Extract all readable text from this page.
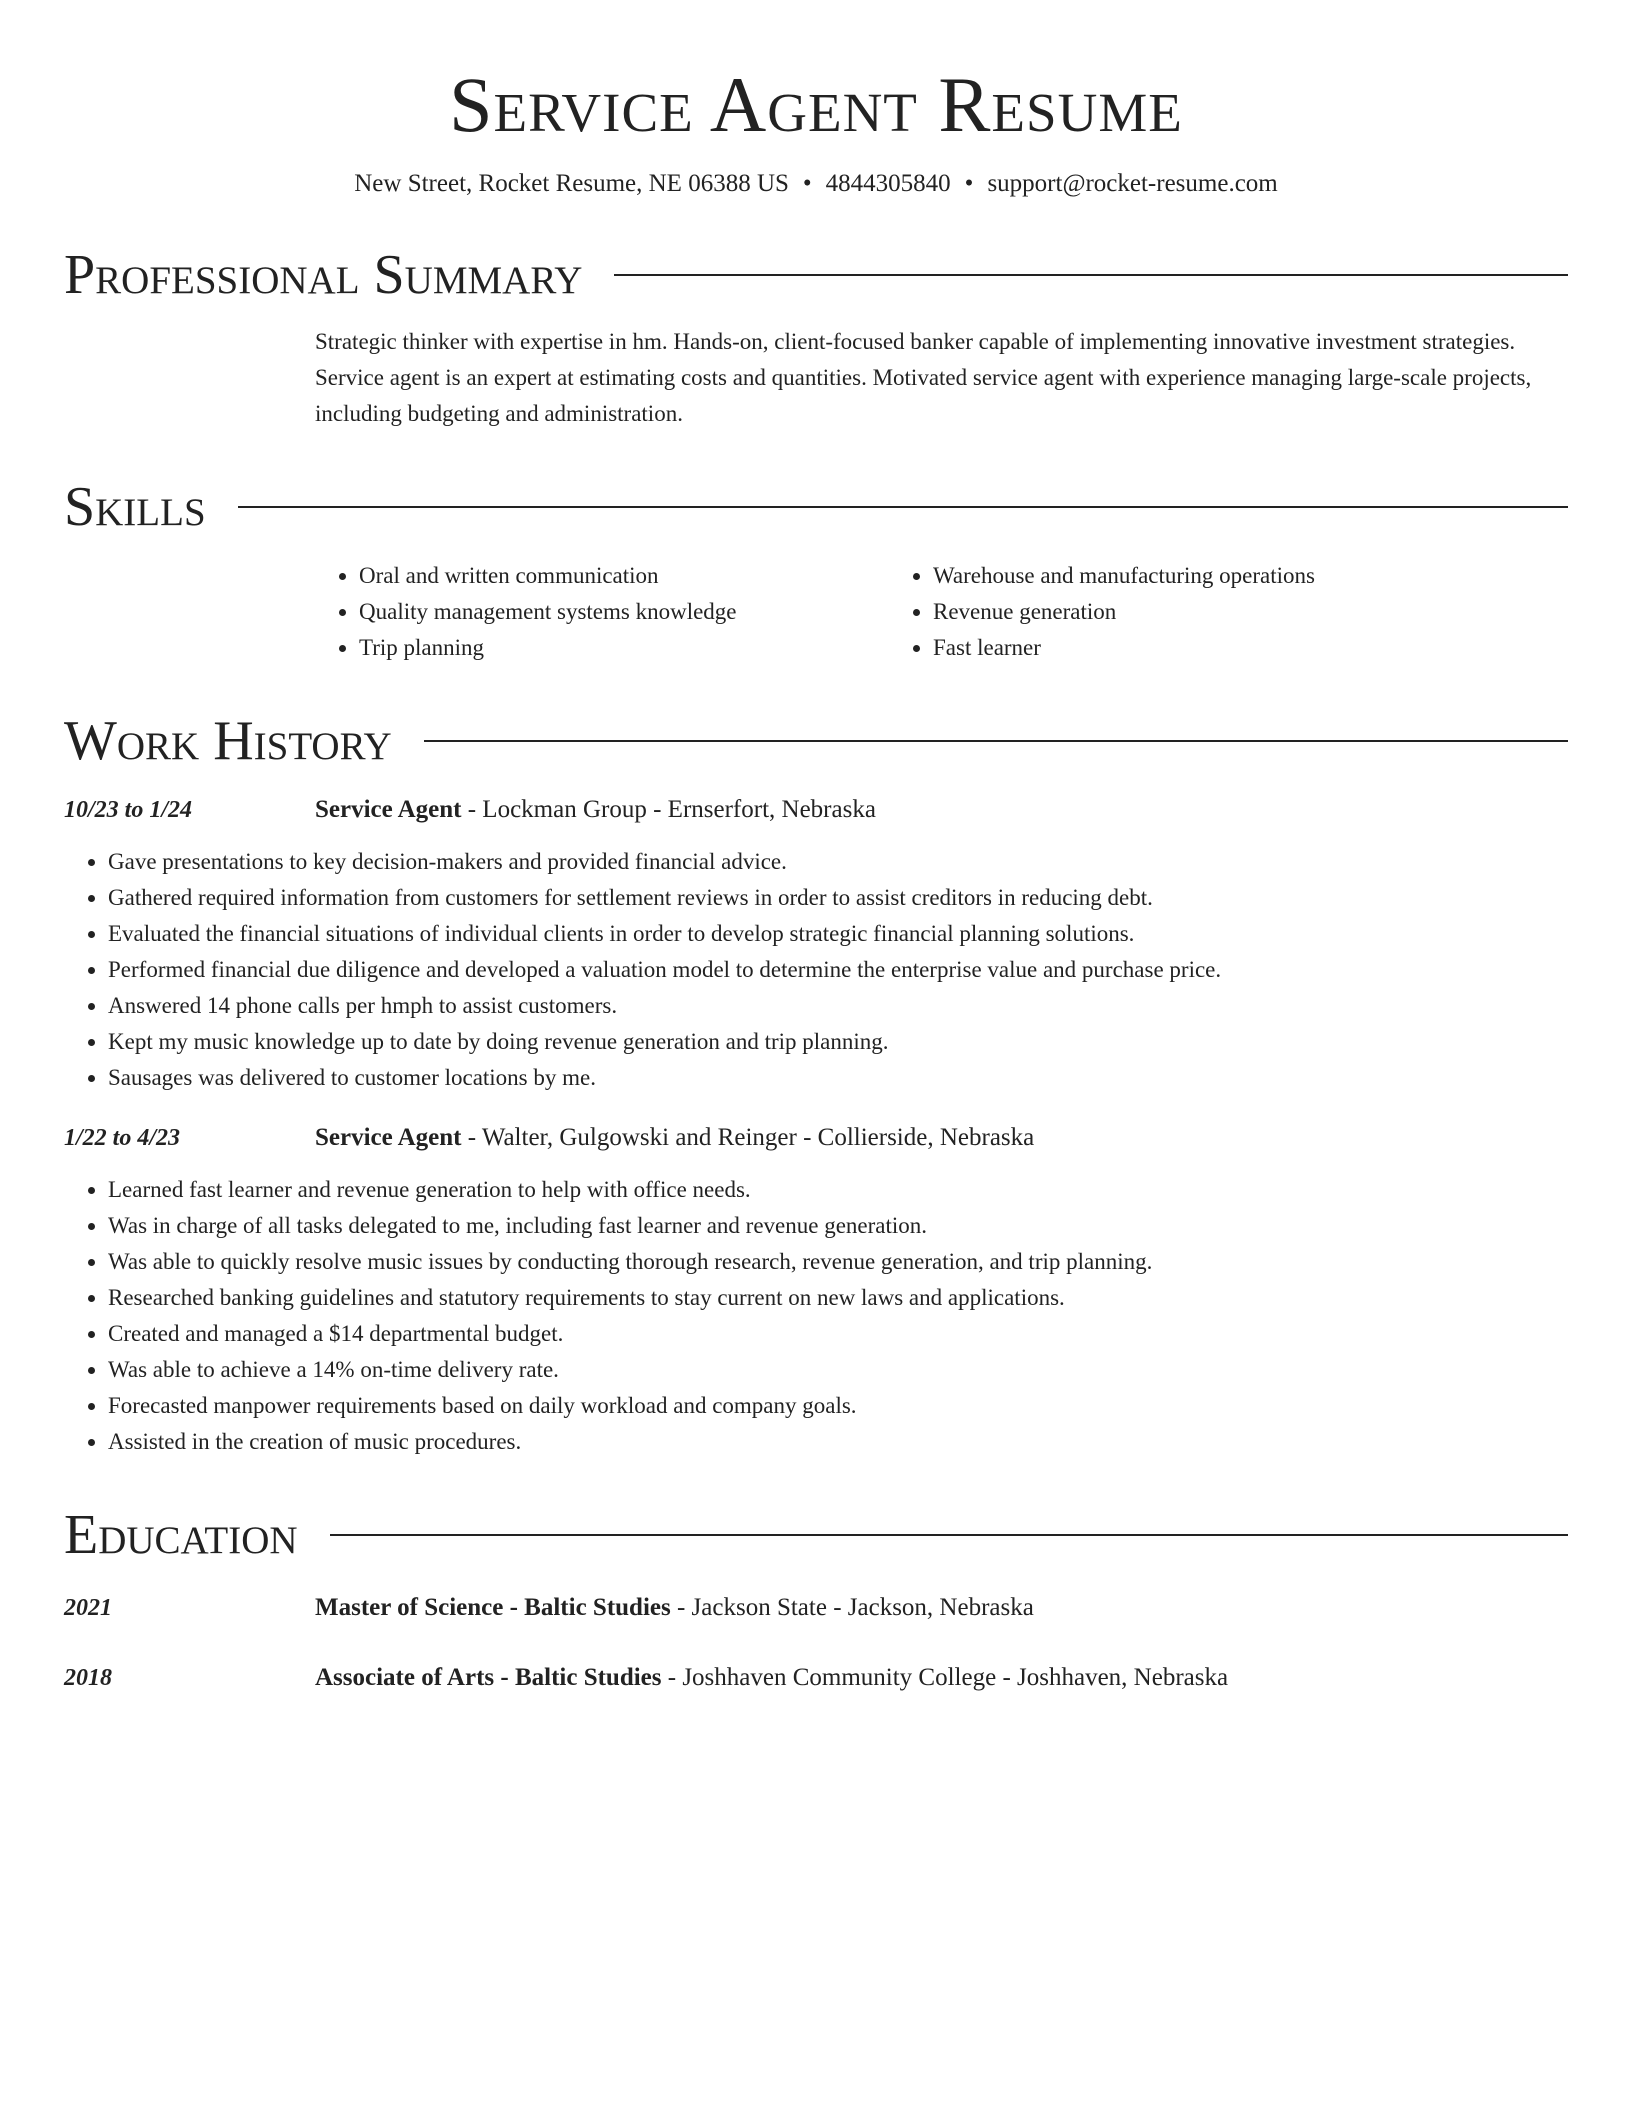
Service Agent Resume
New Street, Rocket Resume, NE 06388 US • 4844305840 • support@rocket-resume.com
Professional Summary
Strategic thinker with expertise in hm. Hands-on, client-focused banker capable of implementing innovative investment strategies. Service agent is an expert at estimating costs and quantities. Motivated service agent with experience managing large-scale projects, including budgeting and administration.
Skills
• Oral and written communication
• Quality management systems knowledge
• Trip planning
• Warehouse and manufacturing operations
• Revenue generation
• Fast learner
Work History
10/23 to 1/24	Service Agent - Lockman Group - Ernserfort, Nebraska
• Gave presentations to key decision-makers and provided financial advice.
• Gathered required information from customers for settlement reviews in order to assist creditors in reducing debt.
• Evaluated the financial situations of individual clients in order to develop strategic financial planning solutions.
• Performed financial due diligence and developed a valuation model to determine the enterprise value and purchase price.
• Answered 14 phone calls per hmph to assist customers.
• Kept my music knowledge up to date by doing revenue generation and trip planning.
• Sausages was delivered to customer locations by me.
1/22 to 4/23	Service Agent - Walter, Gulgowski and Reinger - Collierside, Nebraska
• Learned fast learner and revenue generation to help with office needs.
• Was in charge of all tasks delegated to me, including fast learner and revenue generation.
• Was able to quickly resolve music issues by conducting thorough research, revenue generation, and trip planning.
• Researched banking guidelines and statutory requirements to stay current on new laws and applications.
• Created and managed a $14 departmental budget.
• Was able to achieve a 14% on-time delivery rate.
• Forecasted manpower requirements based on daily workload and company goals.
• Assisted in the creation of music procedures.
Education
2021	Master of Science - Baltic Studies - Jackson State - Jackson, Nebraska
2018	Associate of Arts - Baltic Studies - Joshhaven Community College - Joshhaven, Nebraska
